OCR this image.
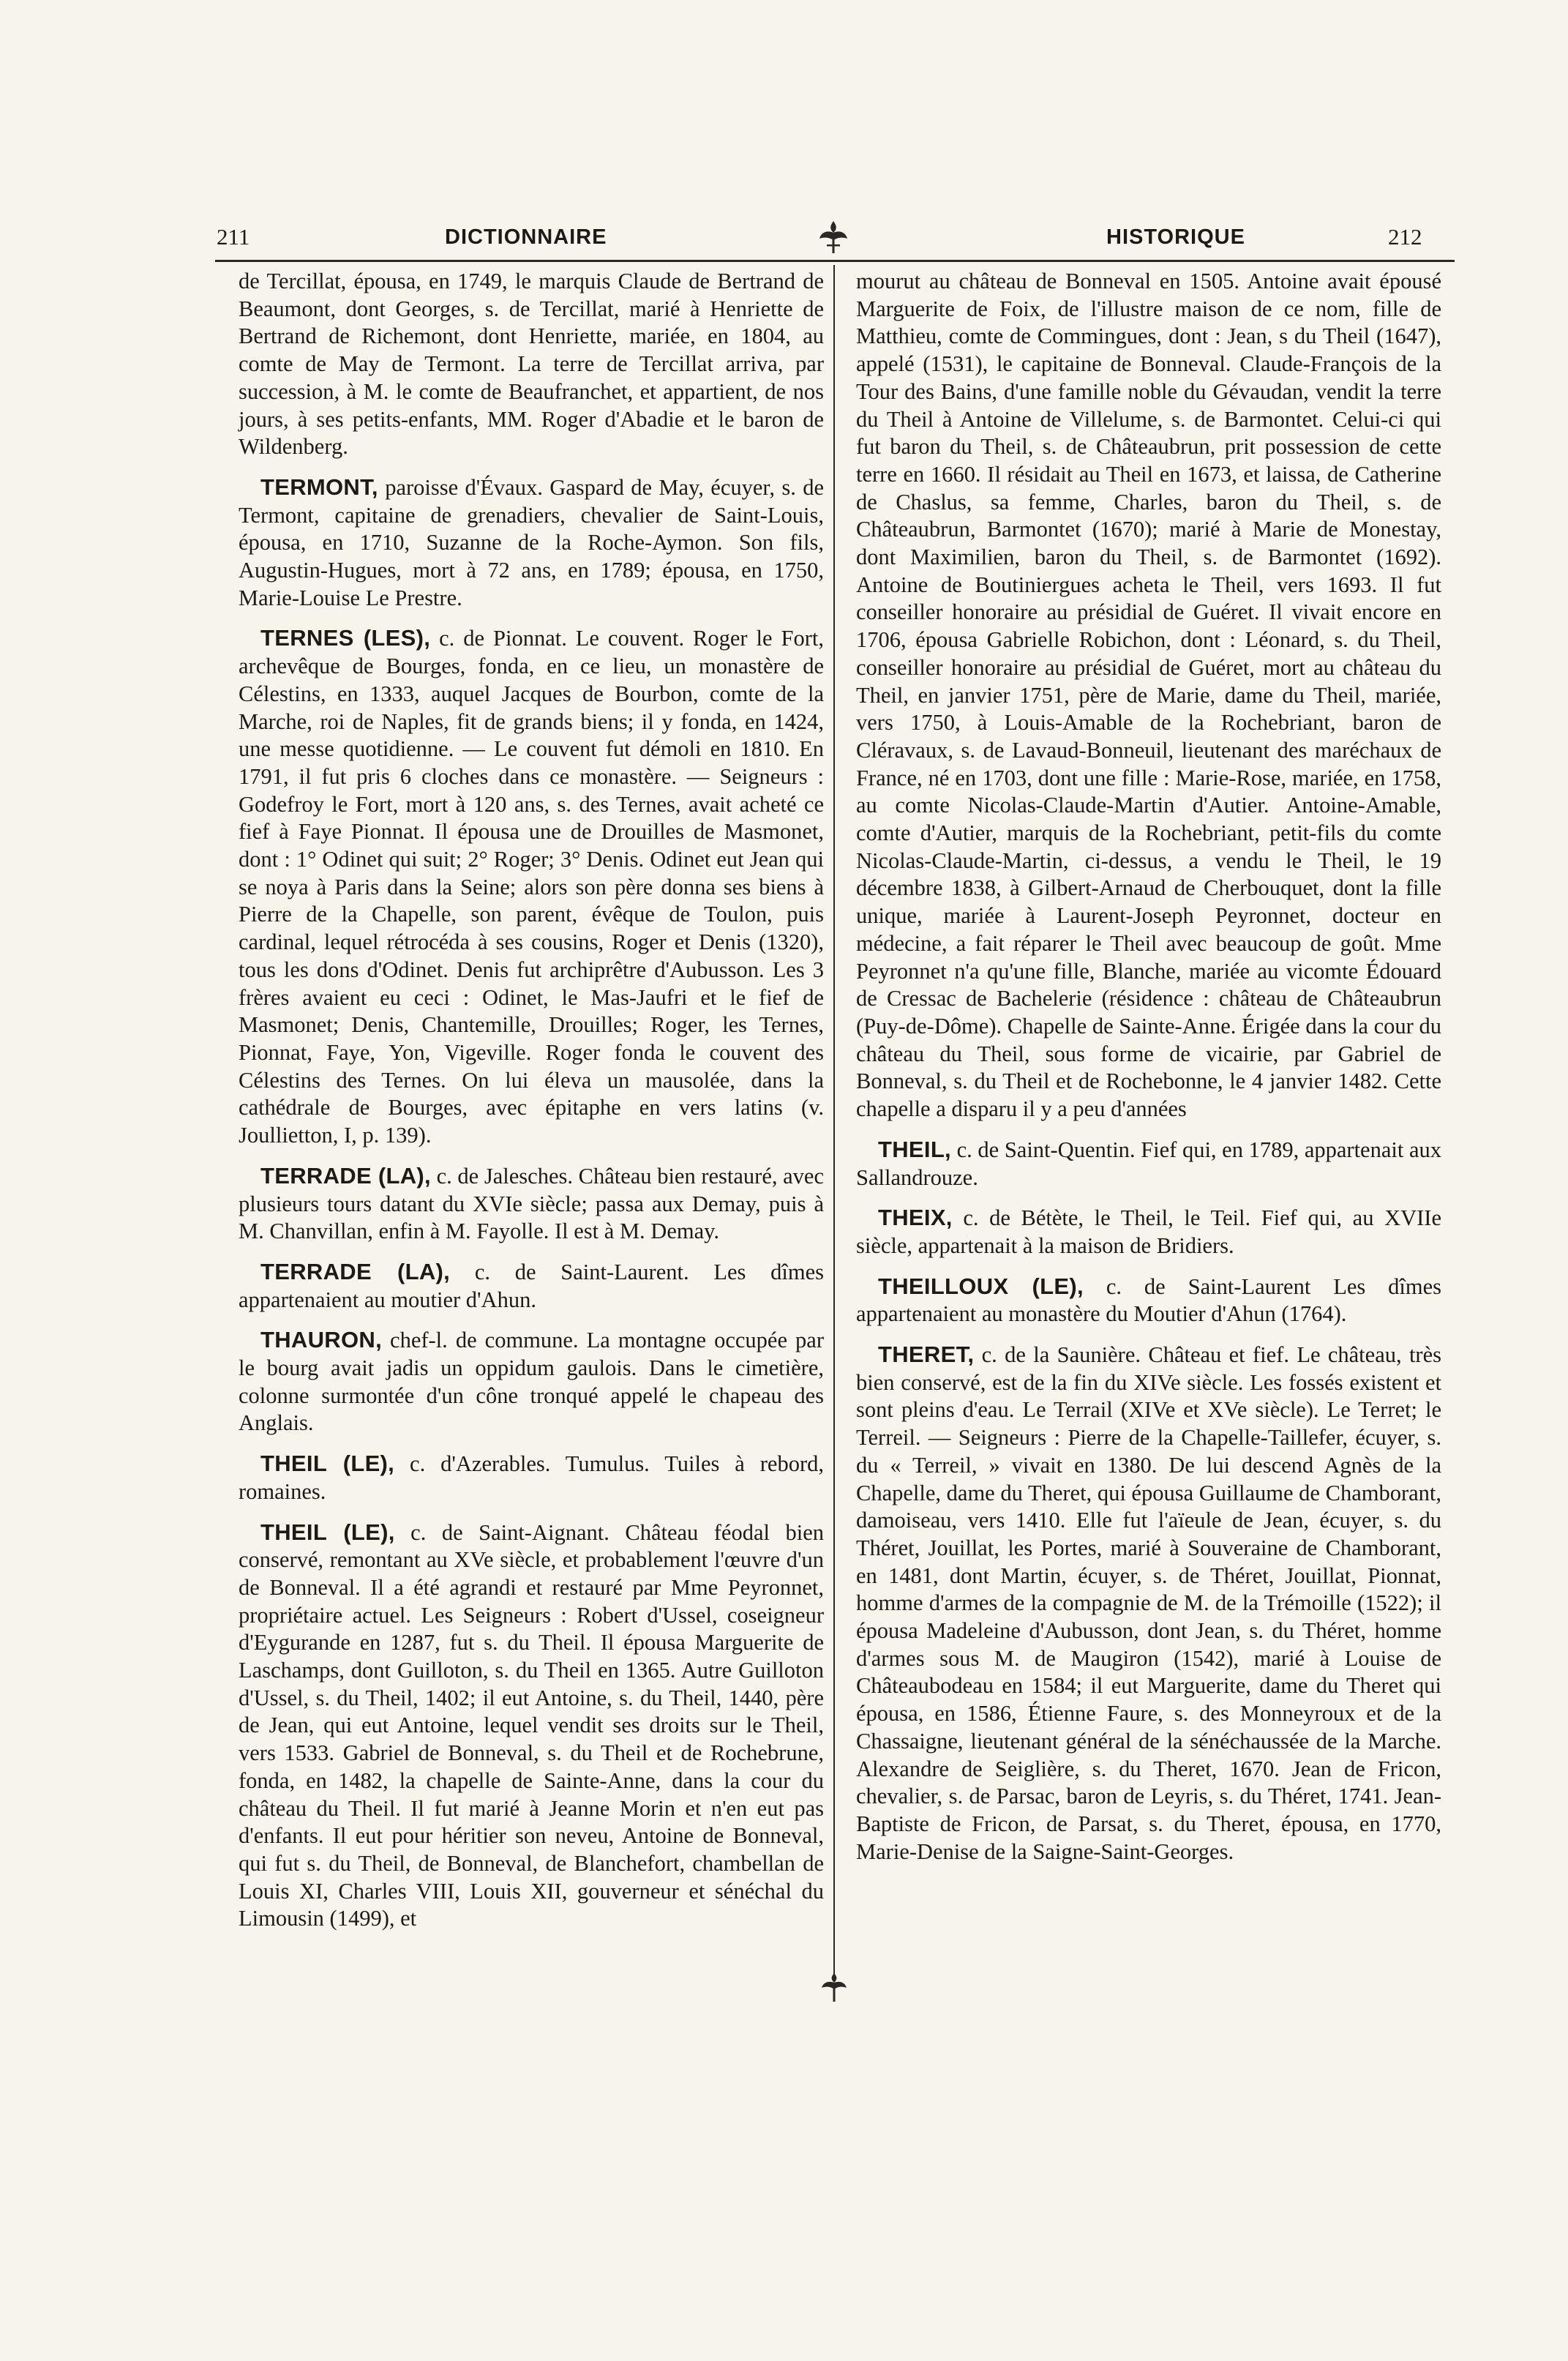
211	DICTIONNAIRE	HISTORIQUE	212

de Tercillat, épousa, en 1749, le marquis Claude de Bertrand de Beaumont, dont Georges, s. de Tercillat, marié à Henriette de Bertrand de Richemont, dont Henriette, mariée, en 1804, au comte de May de Termont. La terre de Tercillat arriva, par succession, à M. le comte de Beaufranchet, et appartient, de nos jours, à ses petits-enfants, MM. Roger d'Abadie et le baron de Wildenberg.

TERMONT, paroisse d'Évaux. Gaspard de May, écuyer, s. de Termont, capitaine de grenadiers, chevalier de Saint-Louis, épousa, en 1710, Suzanne de la Roche-Aymon. Son fils, Augustin-Hugues, mort à 72 ans, en 1789; épousa, en 1750, Marie-Louise Le Prestre.

TERNES (LES), c. de Pionnat. Le couvent. Roger le Fort, archevêque de Bourges, fonda, en ce lieu, un monastère de Célestins, en 1333, auquel Jacques de Bourbon, comte de la Marche, roi de Naples, fit de grands biens; il y fonda, en 1424, une messe quotidienne. — Le couvent fut démoli en 1810. En 1791, il fut pris 6 cloches dans ce monastère. — Seigneurs : Godefroy le Fort, mort à 120 ans, s. des Ternes, avait acheté ce fief à Faye Pionnat. Il épousa une de Drouilles de Masmonet, dont : 1° Odinet qui suit; 2° Roger; 3° Denis. Odinet eut Jean qui se noya à Paris dans la Seine; alors son père donna ses biens à Pierre de la Chapelle, son parent, évêque de Toulon, puis cardinal, lequel rétrocéda à ses cousins, Roger et Denis (1320), tous les dons d'Odinet. Denis fut archiprêtre d'Aubusson. Les 3 frères avaient eu ceci : Odinet, le Mas-Jaufri et le fief de Masmonet; Denis, Chantemille, Drouilles; Roger, les Ternes, Pionnat, Faye, Yon, Vigeville. Roger fonda le couvent des Célestins des Ternes. On lui éleva un mausolée, dans la cathédrale de Bourges, avec épitaphe en vers latins (v. Joullietton, I, p. 139).

TERRADE (LA), c. de Jalesches. Château bien restauré, avec plusieurs tours datant du XVIe siècle; passa aux Demay, puis à M. Chanvillan, enfin à M. Fayolle. Il est à M. Demay.

TERRADE (LA), c. de Saint-Laurent. Les dîmes appartenaient au moutier d'Ahun.

THAURON, chef-l. de commune. La montagne occupée par le bourg avait jadis un oppidum gaulois. Dans le cimetière, colonne surmontée d'un cône tronqué appelé le chapeau des Anglais.

THEIL (LE), c. d'Azerables. Tumulus. Tuiles à rebord, romaines.

THEIL (LE), c. de Saint-Aignant. Château féodal bien conservé, remontant au XVe siècle, et probablement l'œuvre d'un de Bonneval. Il a été agrandi et restauré par Mme Peyronnet, propriétaire actuel. Les Seigneurs : Robert d'Ussel, coseigneur d'Eygurande en 1287, fut s. du Theil. Il épousa Marguerite de Laschamps, dont Guilloton, s. du Theil en 1365. Autre Guilloton d'Ussel, s. du Theil, 1402; il eut Antoine, s. du Theil, 1440, père de Jean, qui eut Antoine, lequel vendit ses droits sur le Theil, vers 1533. Gabriel de Bonneval, s. du Theil et de Rochebrune, fonda, en 1482, la chapelle de Sainte-Anne, dans la cour du château du Theil. Il fut marié à Jeanne Morin et n'en eut pas d'enfants. Il eut pour héritier son neveu, Antoine de Bonneval, qui fut s. du Theil, de Bonneval, de Blanchefort, chambellan de Louis XI, Charles VIII, Louis XII, gouverneur et sénéchal du Limousin (1499), et

mourut au château de Bonneval en 1505. Antoine avait épousé Marguerite de Foix, de l'illustre maison de ce nom, fille de Matthieu, comte de Commingues, dont : Jean, s du Theil (1647), appelé (1531), le capitaine de Bonneval. Claude-François de la Tour des Bains, d'une famille noble du Gévaudan, vendit la terre du Theil à Antoine de Villelume, s. de Barmontet. Celui-ci qui fut baron du Theil, s. de Châteaubrun, prit possession de cette terre en 1660. Il résidait au Theil en 1673, et laissa, de Catherine de Chaslus, sa femme, Charles, baron du Theil, s. de Châteaubrun, Barmontet (1670); marié à Marie de Monestay, dont Maximilien, baron du Theil, s. de Barmontet (1692). Antoine de Boutiniergues acheta le Theil, vers 1693. Il fut conseiller honoraire au présidial de Guéret. Il vivait encore en 1706, épousa Gabrielle Robichon, dont : Léonard, s. du Theil, conseiller honoraire au présidial de Guéret, mort au château du Theil, en janvier 1751, père de Marie, dame du Theil, mariée, vers 1750, à Louis-Amable de la Rochebriant, baron de Cléravaux, s. de Lavaud-Bonneuil, lieutenant des maréchaux de France, né en 1703, dont une fille : Marie-Rose, mariée, en 1758, au comte Nicolas-Claude-Martin d'Autier. Antoine-Amable, comte d'Autier, marquis de la Rochebriant, petit-fils du comte Nicolas-Claude-Martin, ci-dessus, a vendu le Theil, le 19 décembre 1838, à Gilbert-Arnaud de Cherbouquet, dont la fille unique, mariée à Laurent-Joseph Peyronnet, docteur en médecine, a fait réparer le Theil avec beaucoup de goût. Mme Peyronnet n'a qu'une fille, Blanche, mariée au vicomte Édouard de Cressac de Bachelerie (résidence : château de Châteaubrun (Puy-de-Dôme). Chapelle de Sainte-Anne. Érigée dans la cour du château du Theil, sous forme de vicairie, par Gabriel de Bonneval, s. du Theil et de Rochebonne, le 4 janvier 1482. Cette chapelle a disparu il y a peu d'années

THEIL, c. de Saint-Quentin. Fief qui, en 1789, appartenait aux Sallandrouze.

THEIX, c. de Bétète, le Theil, le Teil. Fief qui, au XVIIe siècle, appartenait à la maison de Bridiers.

THEILLOUX (LE), c. de Saint-Laurent Les dîmes appartenaient au monastère du Moutier d'Ahun (1764).

THERET, c. de la Saunière. Château et fief. Le château, très bien conservé, est de la fin du XIVe siècle. Les fossés existent et sont pleins d'eau. Le Terrail (XIVe et XVe siècle). Le Terret; le Terreil. — Seigneurs : Pierre de la Chapelle-Taillefer, écuyer, s. du « Terreil, » vivait en 1380. De lui descend Agnès de la Chapelle, dame du Theret, qui épousa Guillaume de Chamborant, damoiseau, vers 1410. Elle fut l'aïeule de Jean, écuyer, s. du Théret, Jouillat, les Portes, marié à Souveraine de Chamborant, en 1481, dont Martin, écuyer, s. de Théret, Jouillat, Pionnat, homme d'armes de la compagnie de M. de la Trémoille (1522); il épousa Madeleine d'Aubusson, dont Jean, s. du Théret, homme d'armes sous M. de Maugiron (1542), marié à Louise de Châteaubodeau en 1584; il eut Marguerite, dame du Theret qui épousa, en 1586, Étienne Faure, s. des Monneyroux et de la Chassaigne, lieutenant général de la sénéchaussée de la Marche. Alexandre de Seiglière, s. du Theret, 1670. Jean de Fricon, chevalier, s. de Parsac, baron de Leyris, s. du Théret, 1741. Jean-Baptiste de Fricon, de Parsat, s. du Theret, épousa, en 1770, Marie-Denise de la Saigne-Saint-Georges.
